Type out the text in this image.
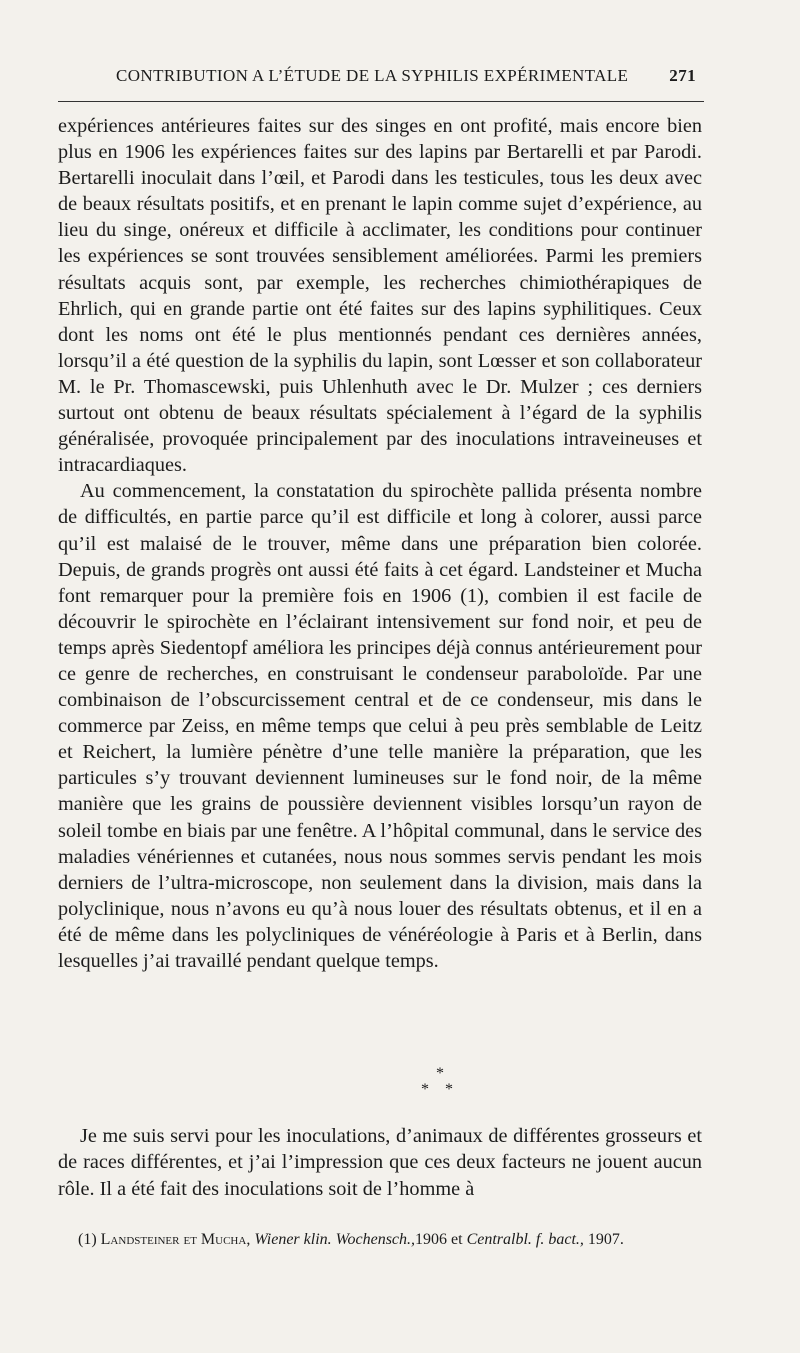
CONTRIBUTION A L’ÉTUDE DE LA SYPHILIS EXPÉRIMENTALE 271

expériences antérieures faites sur des singes en ont profité, mais encore bien plus en 1906 les expériences faites sur des lapins par Bertarelli et par Parodi. Bertarelli inoculait dans l’œil, et Parodi dans les testicules, tous les deux avec de beaux résultats positifs, et en prenant le lapin comme sujet d’expérience, au lieu du singe, onéreux et difficile à acclimater, les conditions pour continuer les expériences se sont trouvées sensiblement améliorées. Parmi les premiers résultats acquis sont, par exemple, les recherches chimiothérapiques de Ehrlich, qui en grande partie ont été faites sur des lapins syphilitiques. Ceux dont les noms ont été le plus mentionnés pendant ces dernières années, lorsqu’il a été question de la syphilis du lapin, sont Lœsser et son collaborateur M. le Pr. Thomascewski, puis Uhlenhuth avec le Dr. Mulzer ; ces derniers surtout ont obtenu de beaux résultats spécialement à l’égard de la syphilis généralisée, provoquée principalement par des inoculations intraveineuses et intracardiaques.

Au commencement, la constatation du spirochète pallida présenta nombre de difficultés, en partie parce qu’il est difficile et long à colorer, aussi parce qu’il est malaisé de le trouver, même dans une préparation bien colorée. Depuis, de grands progrès ont aussi été faits à cet égard. Landsteiner et Mucha font remarquer pour la première fois en 1906 (1), combien il est facile de découvrir le spirochète en l’éclairant intensivement sur fond noir, et peu de temps après Siedentopf améliora les principes déjà connus antérieurement pour ce genre de recherches, en construisant le condenseur paraboloïde. Par une combinaison de l’obscurcissement central et de ce condenseur, mis dans le commerce par Zeiss, en même temps que celui à peu près semblable de Leitz et Reichert, la lumière pénètre d’une telle manière la préparation, que les particules s’y trouvant deviennent lumineuses sur le fond noir, de la même manière que les grains de poussière deviennent visibles lorsqu’un rayon de soleil tombe en biais par une fenêtre. A l’hôpital communal, dans le service des maladies vénériennes et cutanées, nous nous sommes servis pendant les mois derniers de l’ultra-microscope, non seulement dans la division, mais dans la polyclinique, nous n’avons eu qu’à nous louer des résultats obtenus, et il en a été de même dans les polycliniques de vénéréologie à Paris et à Berlin, dans lesquelles j’ai travaillé pendant quelque temps.

*
* *

Je me suis servi pour les inoculations, d’animaux de différentes grosseurs et de races différentes, et j’ai l’impression que ces deux facteurs ne jouent aucun rôle. Il a été fait des inoculations soit de l’homme à

(1) Landsteiner et Mucha, Wiener klin. Wochensch.,1906 et Centralbl. f. bact., 1907.
